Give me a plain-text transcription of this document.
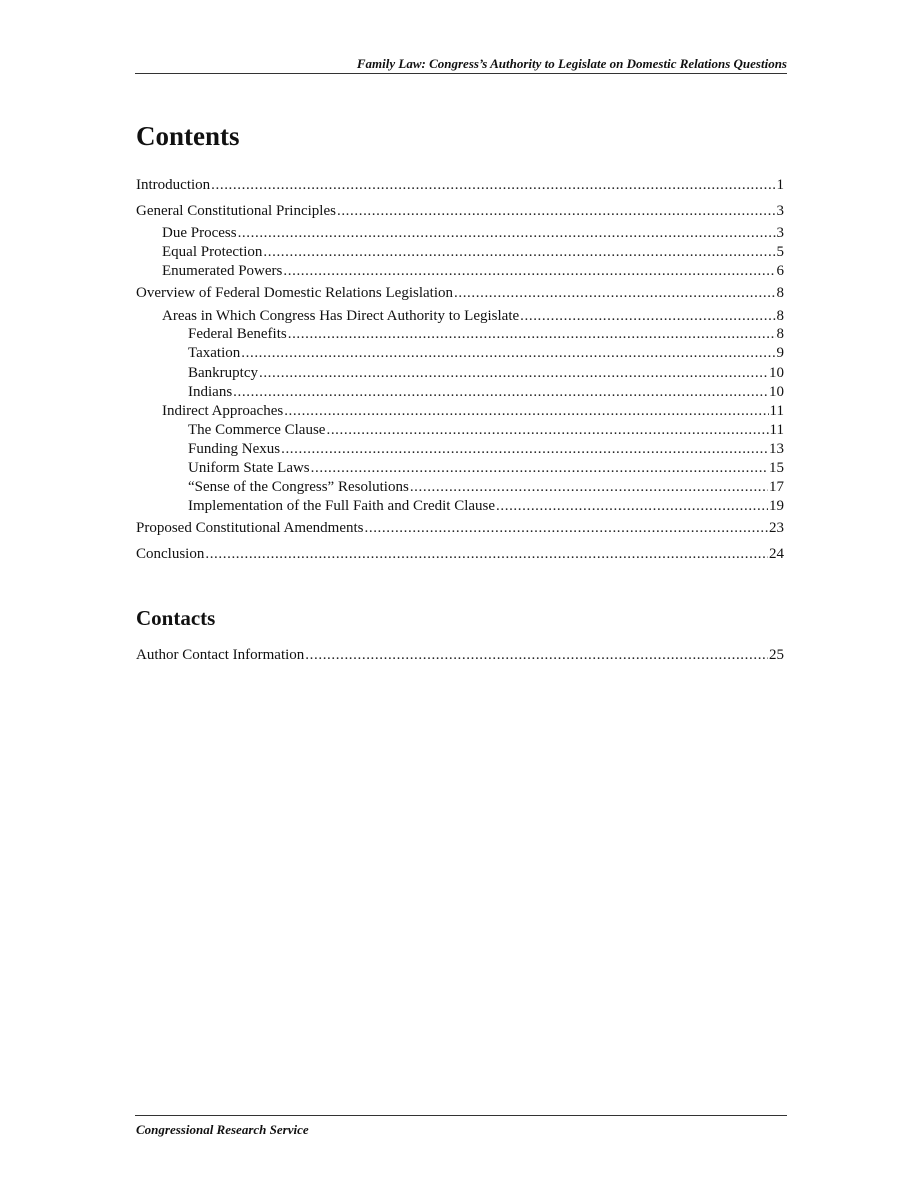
Family Law: Congress’s Authority to Legislate on Domestic Relations Questions
Contents
Introduction .....	1
General Constitutional Principles .....	3
Due Process .....	3
Equal Protection .....	5
Enumerated Powers .....	6
Overview of Federal Domestic Relations Legislation .....	8
Areas in Which Congress Has Direct Authority to Legislate .....	8
Federal Benefits .....	8
Taxation .....	9
Bankruptcy .....	10
Indians .....	10
Indirect Approaches .....	11
The Commerce Clause .....	11
Funding Nexus .....	13
Uniform State Laws .....	15
“Sense of the Congress” Resolutions .....	17
Implementation of the Full Faith and Credit Clause .....	19
Proposed Constitutional Amendments .....	23
Conclusion .....	24
Contacts
Author Contact Information .....	25
Congressional Research Service
